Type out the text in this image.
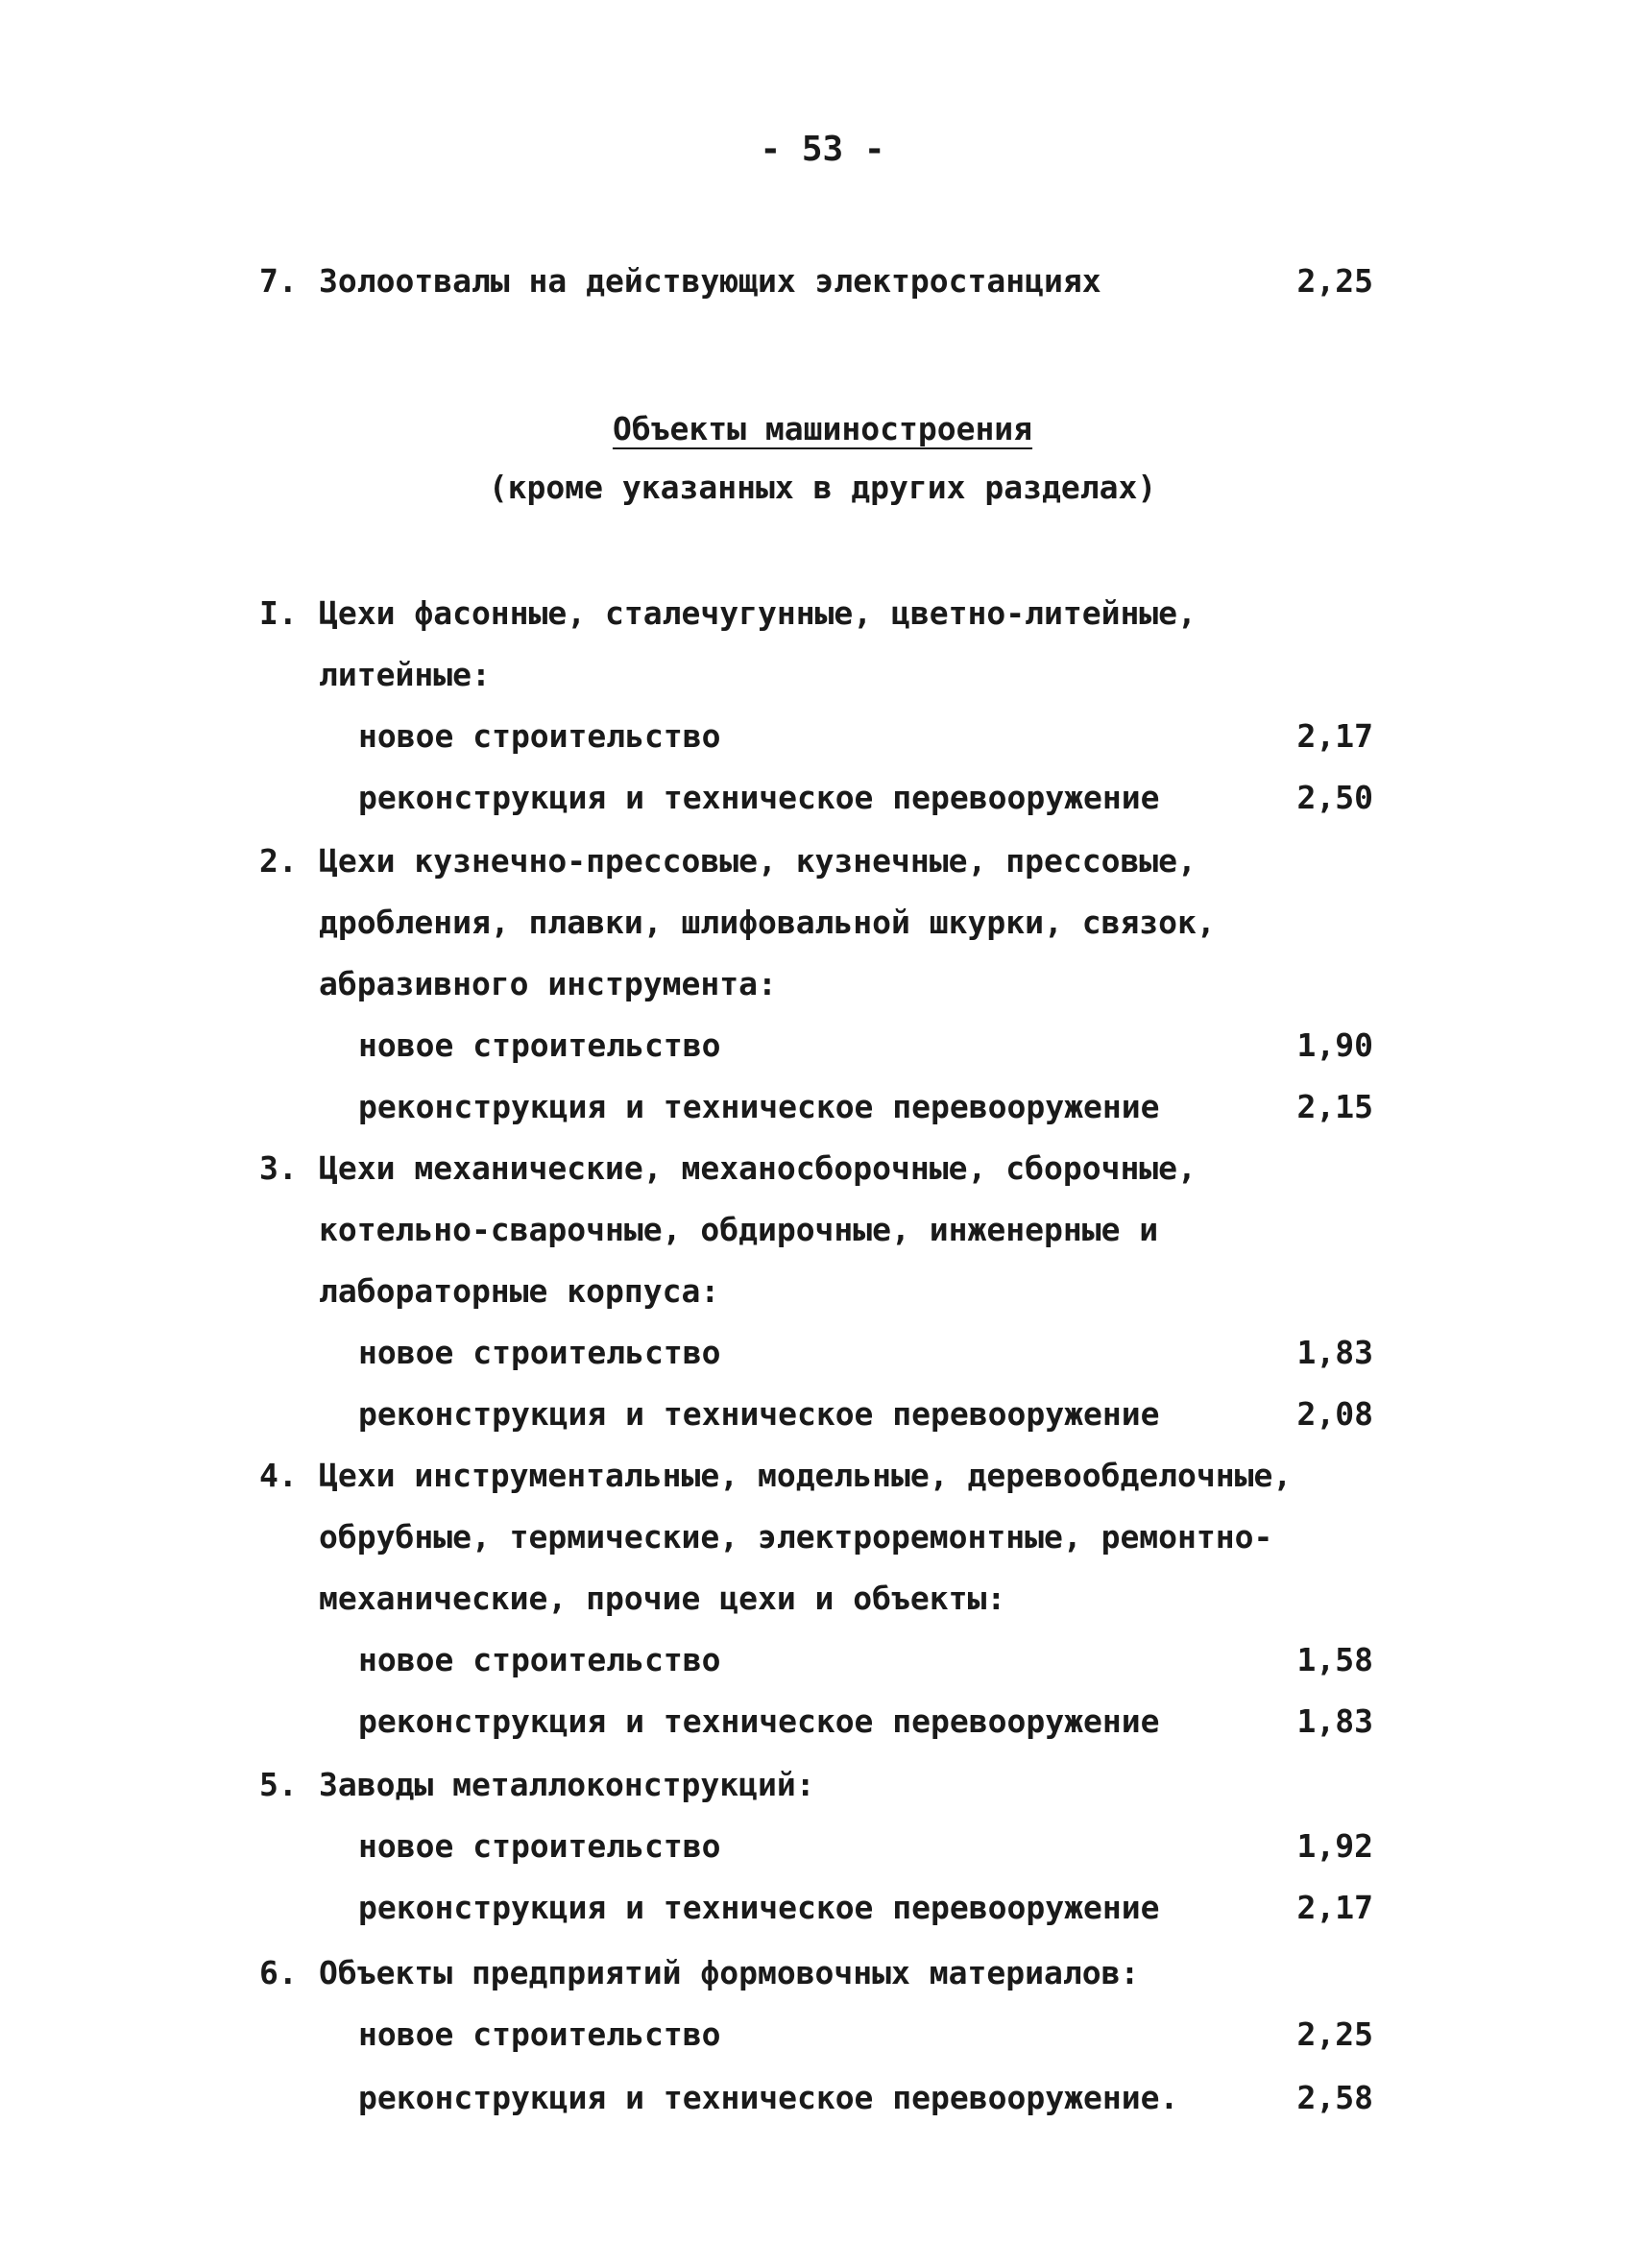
- 53 -
7. Золоотвалы на действующих электростанциях	2,25
Объекты машиностроения
(кроме указанных в других разделах)
I. Цехи фасонные, сталечугунные, цветно-литейные,
литейные:
новое строительство	2,17
реконструкция и техническое перевооружение	2,50
2. Цехи кузнечно-прессовые, кузнечные, прессовые,
дробления, плавки, шлифовальной шкурки, связок,
абразивного инструмента:
новое строительство	1,90
реконструкция и техническое перевооружение	2,15
3. Цехи механические, механосборочные, сборочные,
котельно-сварочные, обдирочные, инженерные и
лабораторные корпуса:
новое строительство	1,83
реконструкция и техническое перевооружение	2,08
4. Цехи инструментальные, модельные, деревообделочные,
обрубные, термические, электроремонтные, ремонтно-
механические, прочие цехи и объекты:
новое строительство	1,58
реконструкция и техническое перевооружение	1,83
5. Заводы металлоконструкций:
новое строительство	1,92
реконструкция и техническое перевооружение	2,17
6. Объекты предприятий формовочных материалов:
новое строительство	2,25
реконструкция и техническое перевооружение.	2,58
